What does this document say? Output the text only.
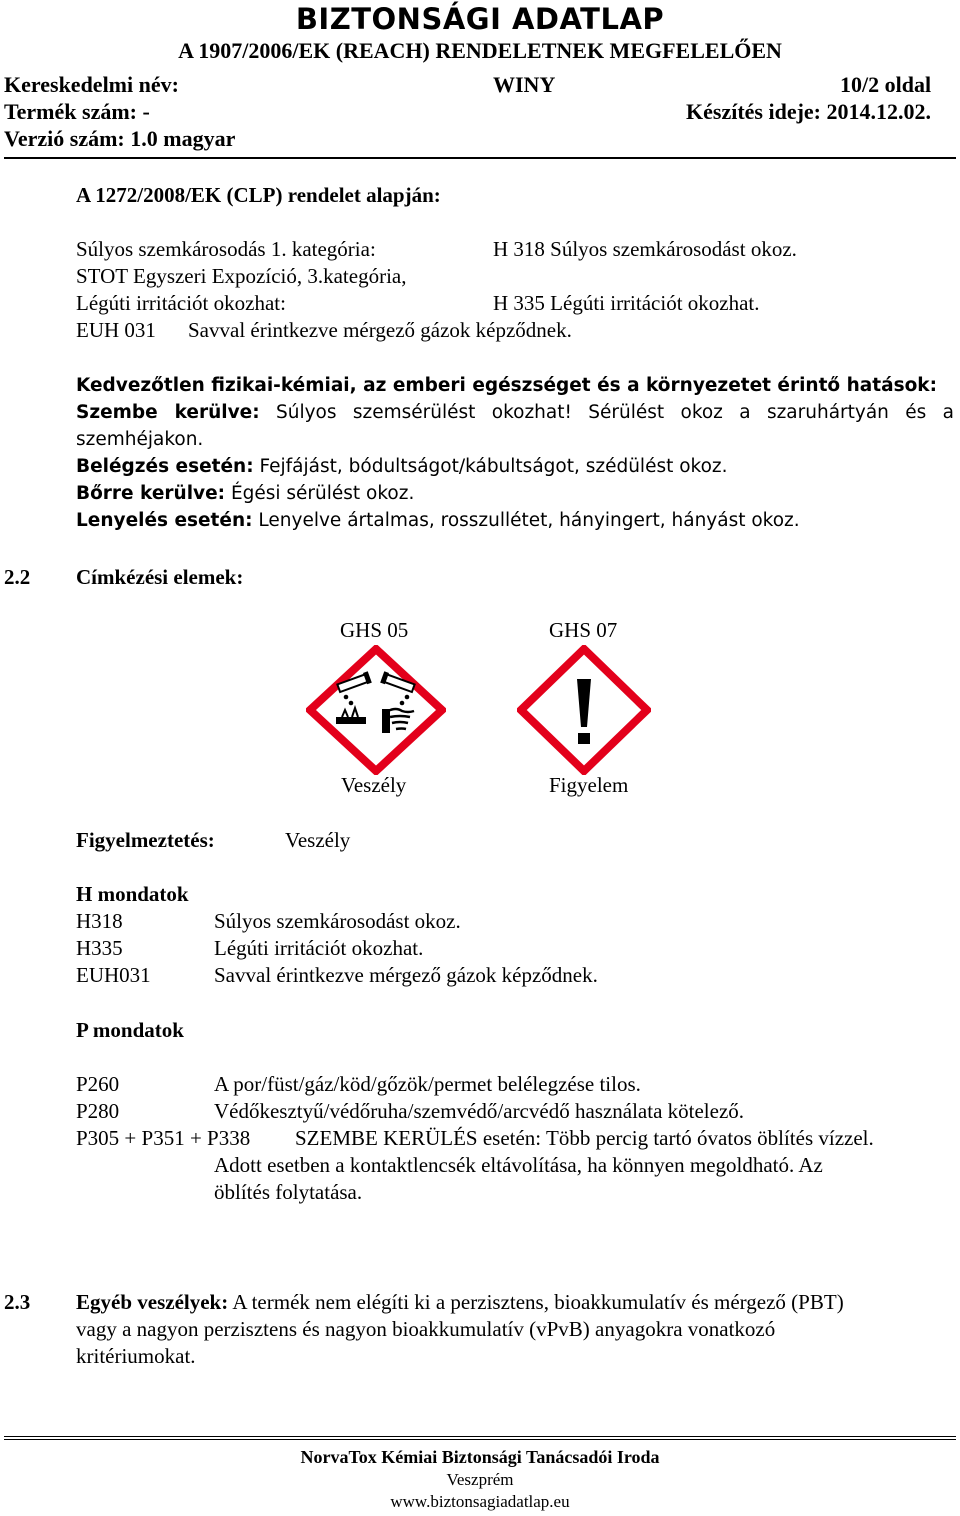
BIZTONSÁGI ADATLAP
A 1907/2006/EK (REACH) RENDELETNEK MEGFELELŐEN
Kereskedelmi név:	WINY	10/2 oldal
Termék szám: -	Készítés ideje: 2014.12.02.
Verzió szám: 1.0 magyar
A 1272/2008/EK (CLP) rendelet alapján:
Súlyos szemkárosodás 1. kategória:	H 318 Súlyos szemkárosodást okoz.
STOT Egyszeri Expozíció, 3.kategória,
Légúti irritációt okozhat:	H 335 Légúti irritációt okozhat.
EUH 031 Savval érintkezve mérgező gázok képződnek.
Kedvezőtlen fizikai-kémiai, az emberi egészséget és a környezetet érintő hatások:
Szembe kerülve: Súlyos szemsérülést okozhat! Sérülést okoz a szaruhártyán és a
szemhéjakon.
Belégzés esetén: Fejfájást, bódultságot/kábultságot, szédülést okoz.
Bőrre kerülve: Égési sérülést okoz.
Lenyelés esetén: Lenyelve ártalmas, rosszullétet, hányingert, hányást okoz.
2.2 Címkézési elemek:
GHS 05	GHS 07
Veszély	Figyelem
Figyelmeztetés:	Veszély
H mondatok
H318	Súlyos szemkárosodást okoz.
H335	Légúti irritációt okozhat.
EUH031	Savval érintkezve mérgező gázok képződnek.
P mondatok
P260	A por/füst/gáz/köd/gőzök/permet belélegzése tilos.
P280	Védőkesztyű/védőruha/szemvédő/arcvédő használata kötelező.
P305 + P351 + P338 SZEMBE KERÜLÉS esetén: Több percig tartó óvatos öblítés vízzel.
Adott esetben a kontaktlencsék eltávolítása, ha könnyen megoldható. Az
öblítés folytatása.
2.3 Egyéb veszélyek: A termék nem elégíti ki a perzisztens, bioakkumulatív és mérgező (PBT)
vagy a nagyon perzisztens és nagyon bioakkumulatív (vPvB) anyagokra vonatkozó
kritériumokat.
NorvaTox Kémiai Biztonsági Tanácsadói Iroda
Veszprém
www.biztonsagiadatlap.eu
